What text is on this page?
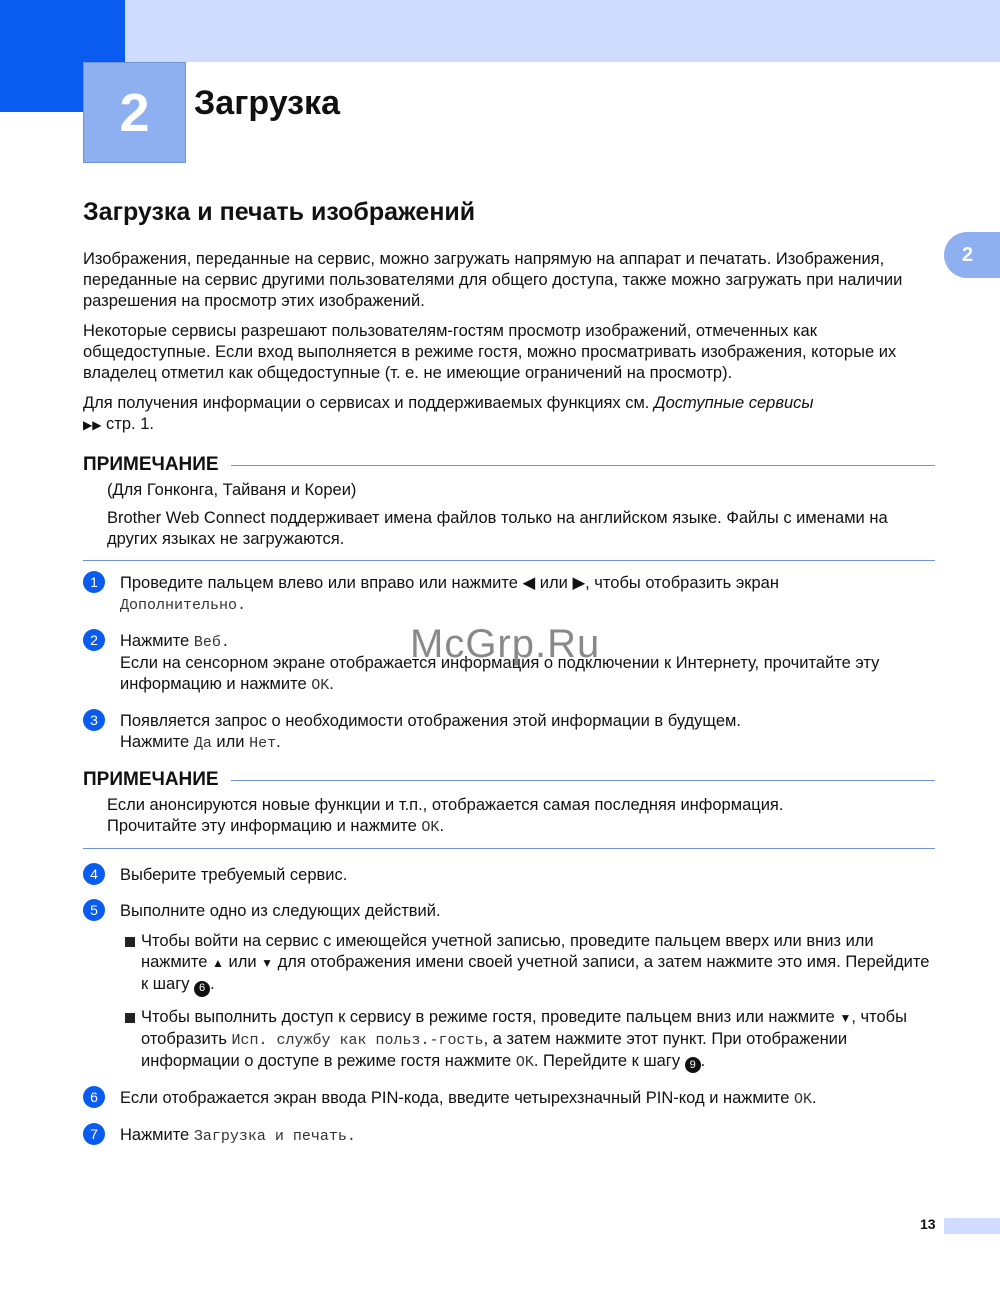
2	Загрузка
2
Загрузка и печать изображений

Изображения, переданные на сервис, можно загружать напрямую на аппарат и печатать. Изображения, переданные на сервис другими пользователями для общего доступа, также можно загружать при наличии разрешения на просмотр этих изображений.

Некоторые сервисы разрешают пользователям-гостям просмотр изображений, отмеченных как общедоступные. Если вход выполняется в режиме гостя, можно просматривать изображения, которые их владелец отметил как общедоступные (т. е. не имеющие ограничений на просмотр).

Для получения информации о сервисах и поддерживаемых функциях см. Доступные сервисы
▶▶ стр. 1.

ПРИМЕЧАНИЕ

(Для Гонконга, Тайваня и Кореи)

Brother Web Connect поддерживает имена файлов только на английском языке. Файлы с именами на других языках не загружаются.

1	Проведите пальцем влево или вправо или нажмите ◀ или ▶, чтобы отобразить экран
Дополнительно.

2	Нажмите Веб.
Если на сенсорном экране отображается информация о подключении к Интернету, прочитайте эту информацию и нажмите OK.

3	Появляется запрос о необходимости отображения этой информации в будущем.
Нажмите Да или Нет.

ПРИМЕЧАНИЕ

Если анонсируются новые функции и т.п., отображается самая последняя информация.

Прочитайте эту информацию и нажмите OK.

4	Выберите требуемый сервис.

5	Выполните одно из следующих действий.

Чтобы войти на сервис с имеющейся учетной записью, проведите пальцем вверх или вниз или нажмите ▲ или ▼ для отображения имени своей учетной записи, а затем нажмите это имя. Перейдите к шагу 6 .
Чтобы выполнить доступ к сервису в режиме гостя, проведите пальцем вниз или нажмите ▼, чтобы отобразить Исп. службу как польз.-гость, а затем нажмите этот пункт. При отображении информации о доступе в режиме гостя нажмите OK. Перейдите к шагу 9 .
6	Если отображается экран ввода PIN-кода, введите четырехзначный PIN-код и нажмите OK.

7	Нажмите Загрузка и печать.

McGrp.Ru
13
